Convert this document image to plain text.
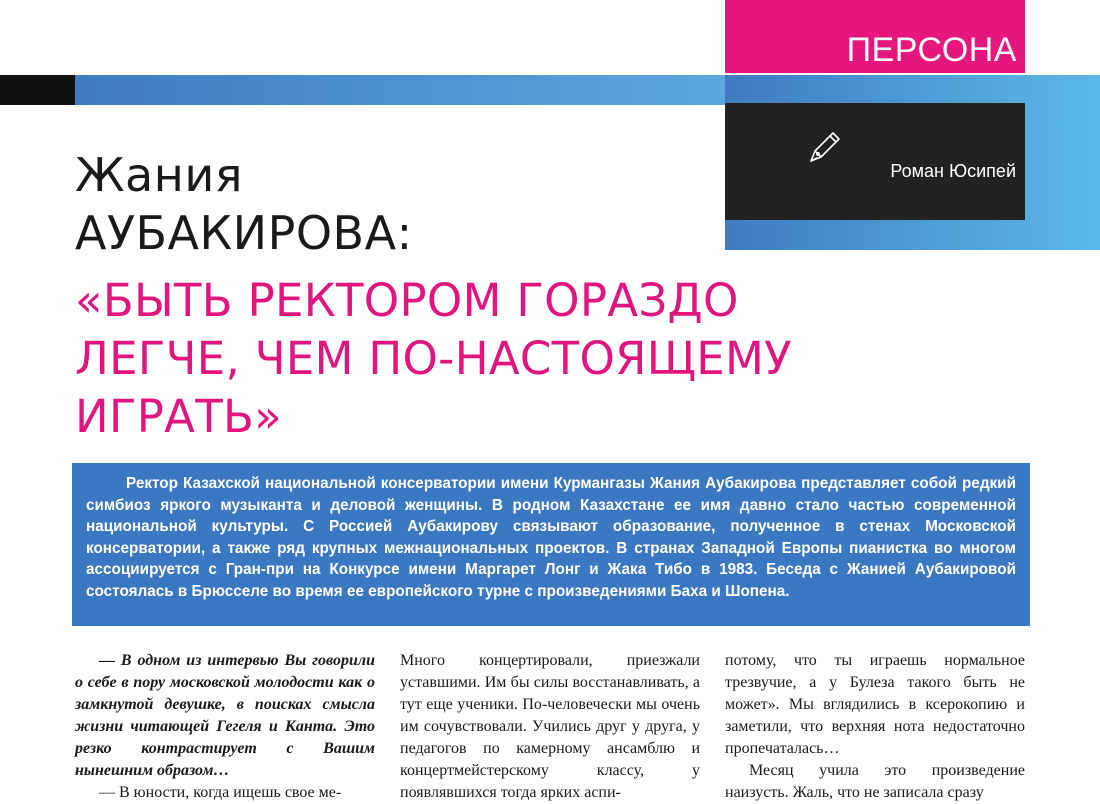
ПЕРСОНА
Роман Юсипей
Жания
АУБАКИРОВА:
«БЫТЬ РЕКТОРОМ ГОРАЗДО
ЛЕГЧЕ, ЧЕМ ПО-НАСТОЯЩЕМУ
ИГРАТЬ»

Ректор Казахской национальной консерватории имени Курмангазы Жания Аубакирова представляет собой редкий симбиоз яркого музыканта и деловой женщины. В родном Казахстане ее имя давно стало частью современной национальной культуры. С Россией Аубакирову связывают образование, полученное в стенах Московской консерватории, а также ряд крупных межнациональных проектов. В странах Западной Европы пианистка во многом ассоциируется с Гран-при на Конкурсе имени Маргарет Лонг и Жака Тибо в 1983. Беседа с Жанией Аубакировой состоялась в Брюсселе во время ее европейского турне с произведениями Баха и Шопена.

— В одном из интервью Вы говорили о себе в пору московской молодости как о замкнутой девушке, в поисках смысла жизни читающей Гегеля и Канта. Это резко контрастирует с Вашим нынешним образом…

— В юности, когда ищешь свое ме-

Много концертировали, приезжали уставшими. Им бы силы восстанавливать, а тут еще ученики. По-человечески мы очень им сочувствовали. Учились друг у друга, у педагогов по камерному ансамблю и концертмейстерскому классу, у появлявшихся тогда ярких аспи-

потому, что ты играешь нормальное трезвучие, а у Булеза такого быть не может». Мы вглядились в ксерокопию и заметили, что верхняя нота недостаточно пропечаталась…

Месяц учила это произведение наизусть. Жаль, что не записала сразу
